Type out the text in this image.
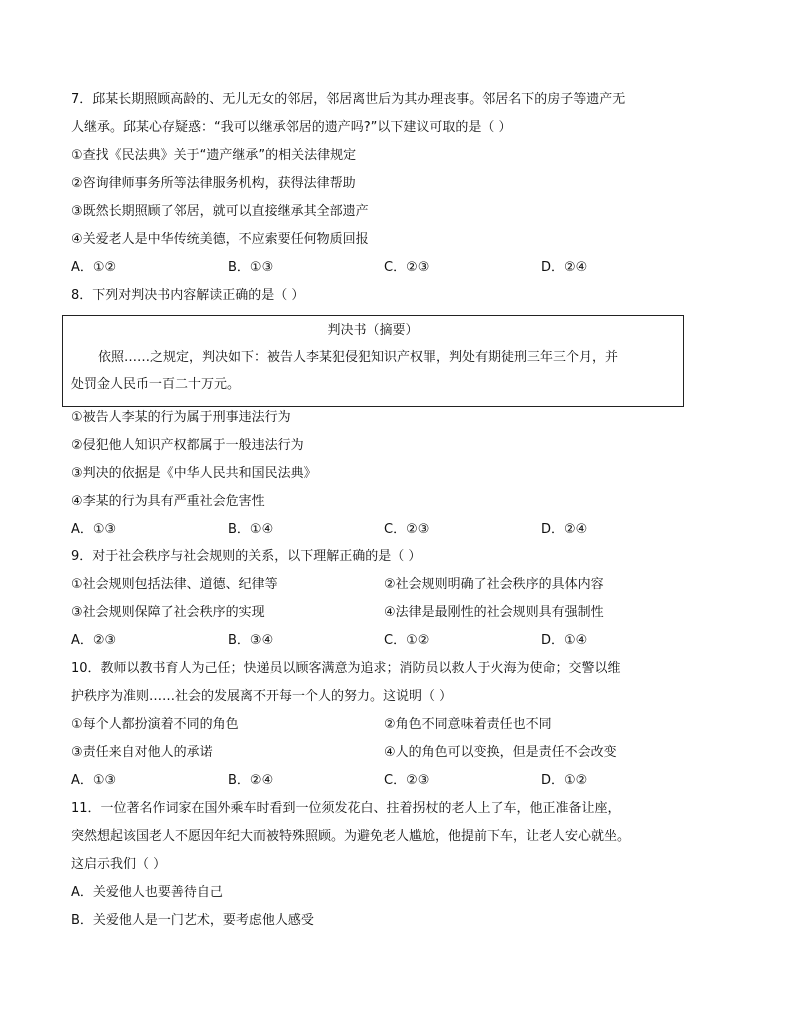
7．邱某长期照顾高龄的、无儿无女的邻居，邻居离世后为其办理丧事。邻居名下的房子等遗产无
人继承。邱某心存疑惑：“我可以继承邻居的遗产吗?”以下建议可取的是（ ）
①查找《民法典》关于“遗产继承”的相关法律规定
②咨询律师事务所等法律服务机构，获得法律帮助
③既然长期照顾了邻居，就可以直接继承其全部遗产
④关爱老人是中华传统美德，不应索要任何物质回报
A．①②	B．①③	C．②③	D．②④
8．下列对判决书内容解读正确的是（ ）
判决书（摘要）
依照……之规定，判决如下：被告人李某犯侵犯知识产权罪，判处有期徒刑三年三个月，并
处罚金人民币一百二十万元。
①被告人李某的行为属于刑事违法行为
②侵犯他人知识产权都属于一般违法行为
③判决的依据是《中华人民共和国民法典》
④李某的行为具有严重社会危害性
A．①③	B．①④	C．②③	D．②④
9．对于社会秩序与社会规则的关系，以下理解正确的是（ ）
①社会规则包括法律、道德、纪律等	②社会规则明确了社会秩序的具体内容
③社会规则保障了社会秩序的实现	④法律是最刚性的社会规则具有强制性
A．②③	B．③④	C．①②	D．①④
10．教师以教书育人为己任；快递员以顾客满意为追求；消防员以救人于火海为使命；交警以维
护秩序为准则……社会的发展离不开每一个人的努力。这说明（ ）
①每个人都扮演着不同的角色	②角色不同意味着责任也不同
③责任来自对他人的承诺	④人的角色可以变换，但是责任不会改变
A．①③	B．②④	C．②③	D．①②
11．一位著名作词家在国外乘车时看到一位须发花白、拄着拐杖的老人上了车，他正准备让座，
突然想起该国老人不愿因年纪大而被特殊照顾。为避免老人尴尬，他提前下车，让老人安心就坐。
这启示我们（ ）
A．关爱他人也要善待自己
B．关爱他人是一门艺术，要考虑他人感受
